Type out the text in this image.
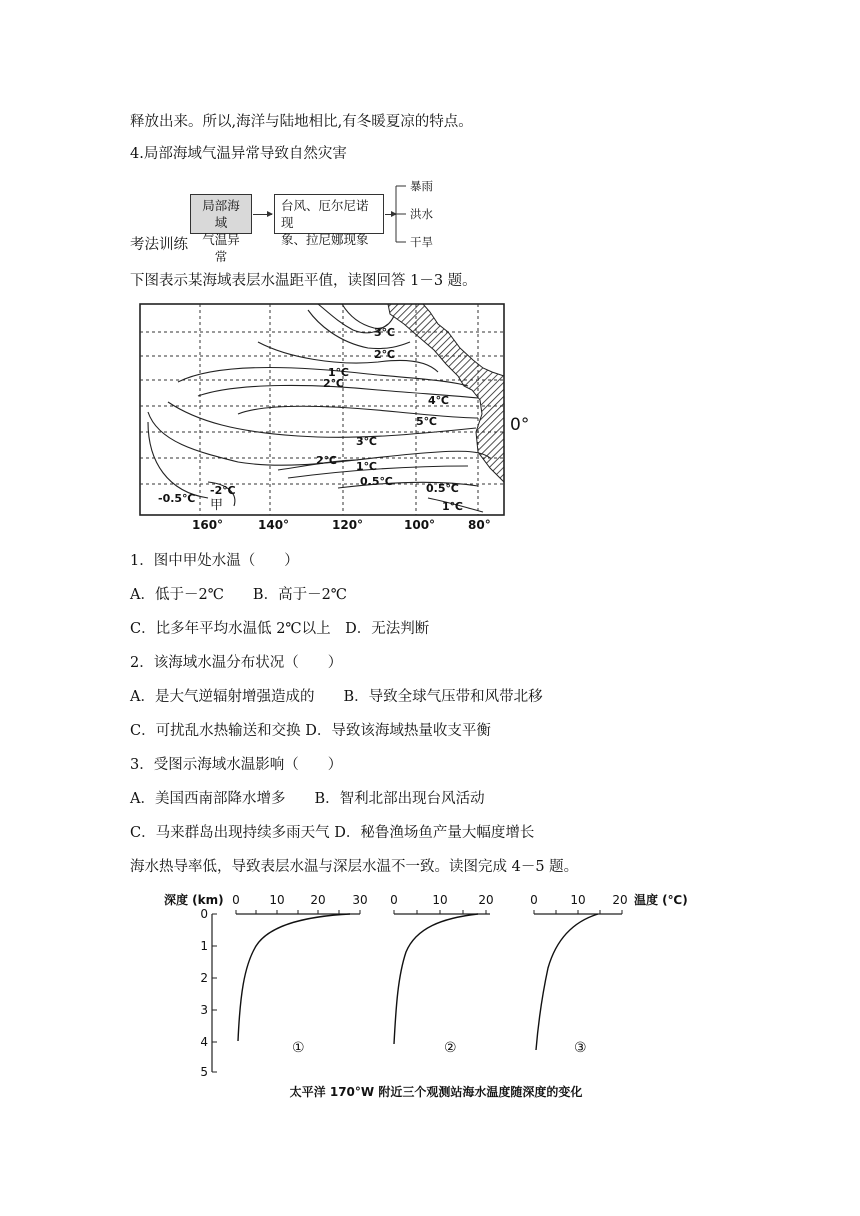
释放出来。所以,海洋与陆地相比,有冬暖夏凉的特点。
4.局部海域气温异常导致自然灾害
局部海域
气温异常
台风、厄尔尼诺现
象、拉尼娜现象
暴雨
洪水
干旱
考法训练
下图表示某海域表层水温距平值，读图回答 1－3 题。
3℃
2℃
1℃
2℃
4℃
5℃
3℃
2℃ 1℃
0.5℃
0.5℃
-0.5℃
-2℃
1℃
甲
0°
160°	140°	120°	100°	80°
1．图中甲处水温（　　）
A．低于－2℃　　B．高于－2℃
C．比多年平均水温低 2℃以上　D．无法判断
2．该海域水温分布状况（　　）
A．是大气逆辐射增强造成的　　B．导致全球气压带和风带北移
C．可扰乱水热输送和交换 D．导致该海域热量收支平衡
3．受图示海域水温影响（　　）
A．美国西南部降水增多　　B．智利北部出现台风活动
C．马来群岛出现持续多雨天气 D．秘鲁渔场鱼产量大幅度增长
海水热导率低，导致表层水温与深层水温不一致。读图完成 4－5 题。
深度 (km)	温度 (℃)
0
1
2
3
4
5
0 10 20 30
①
0	10	20
②
0	10 20
③
太平洋 170°W 附近三个观测站海水温度随深度的变化
